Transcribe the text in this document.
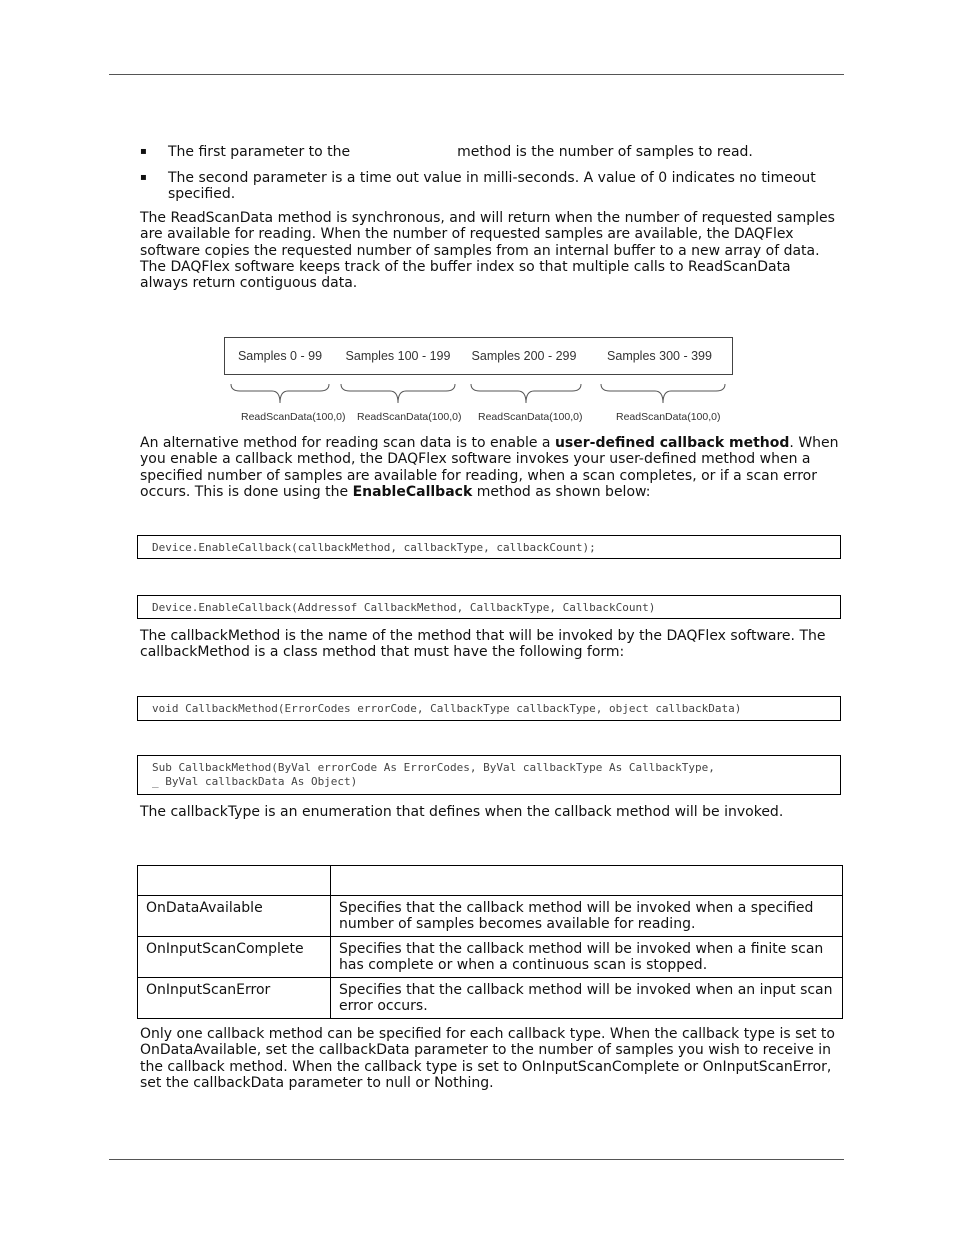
▪ The first parameter to the	method is the number of samples to read.
▪ The second parameter is a time out value in milli-seconds. A value of 0 indicates no timeout specified.

The ReadScanData method is synchronous, and will return when the number of requested samples are available for reading. When the number of requested samples are available, the DAQFlex software copies the requested number of samples from an internal buffer to a new array of data. The DAQFlex software keeps track of the buffer index so that multiple calls to ReadScanData always return contiguous data.

Samples 0 - 99	Samples 100 - 199	Samples 200 - 299	Samples 300 - 399
ReadScanData(100,0) ReadScanData(100,0) ReadScanData(100,0)	ReadScanData(100,0)

An alternative method for reading scan data is to enable a user-defined callback method. When you enable a callback method, the DAQFlex software invokes your user-defined method when a specified number of samples are available for reading, when a scan completes, or if a scan error occurs. This is done using the EnableCallback method as shown below:

Device.EnableCallback(callbackMethod, callbackType, callbackCount);
Device.EnableCallback(Addressof CallbackMethod, CallbackType, CallbackCount)

The callbackMethod is the name of the method that will be invoked by the DAQFlex software. The callbackMethod is a class method that must have the following form:

void CallbackMethod(ErrorCodes errorCode, CallbackType callbackType, object callbackData)
Sub CallbackMethod(ByVal errorCode As ErrorCodes, ByVal callbackType As CallbackType,
_ ByVal callbackData As Object)

The callbackType is an enumeration that defines when the callback method will be invoked.

OnDataAvailable	Specifies that the callback method will be invoked when a specified number of samples becomes available for reading.
OnInputScanComplete	Specifies that the callback method will be invoked when a finite scan has complete or when a continuous scan is stopped.
OnInputScanError	Specifies that the callback method will be invoked when an input scan error occurs.

Only one callback method can be specified for each callback type. When the callback type is set to OnDataAvailable, set the callbackData parameter to the number of samples you wish to receive in the callback method. When the callback type is set to OnInputScanComplete or OnInputScanError, set the callbackData parameter to null or Nothing.
